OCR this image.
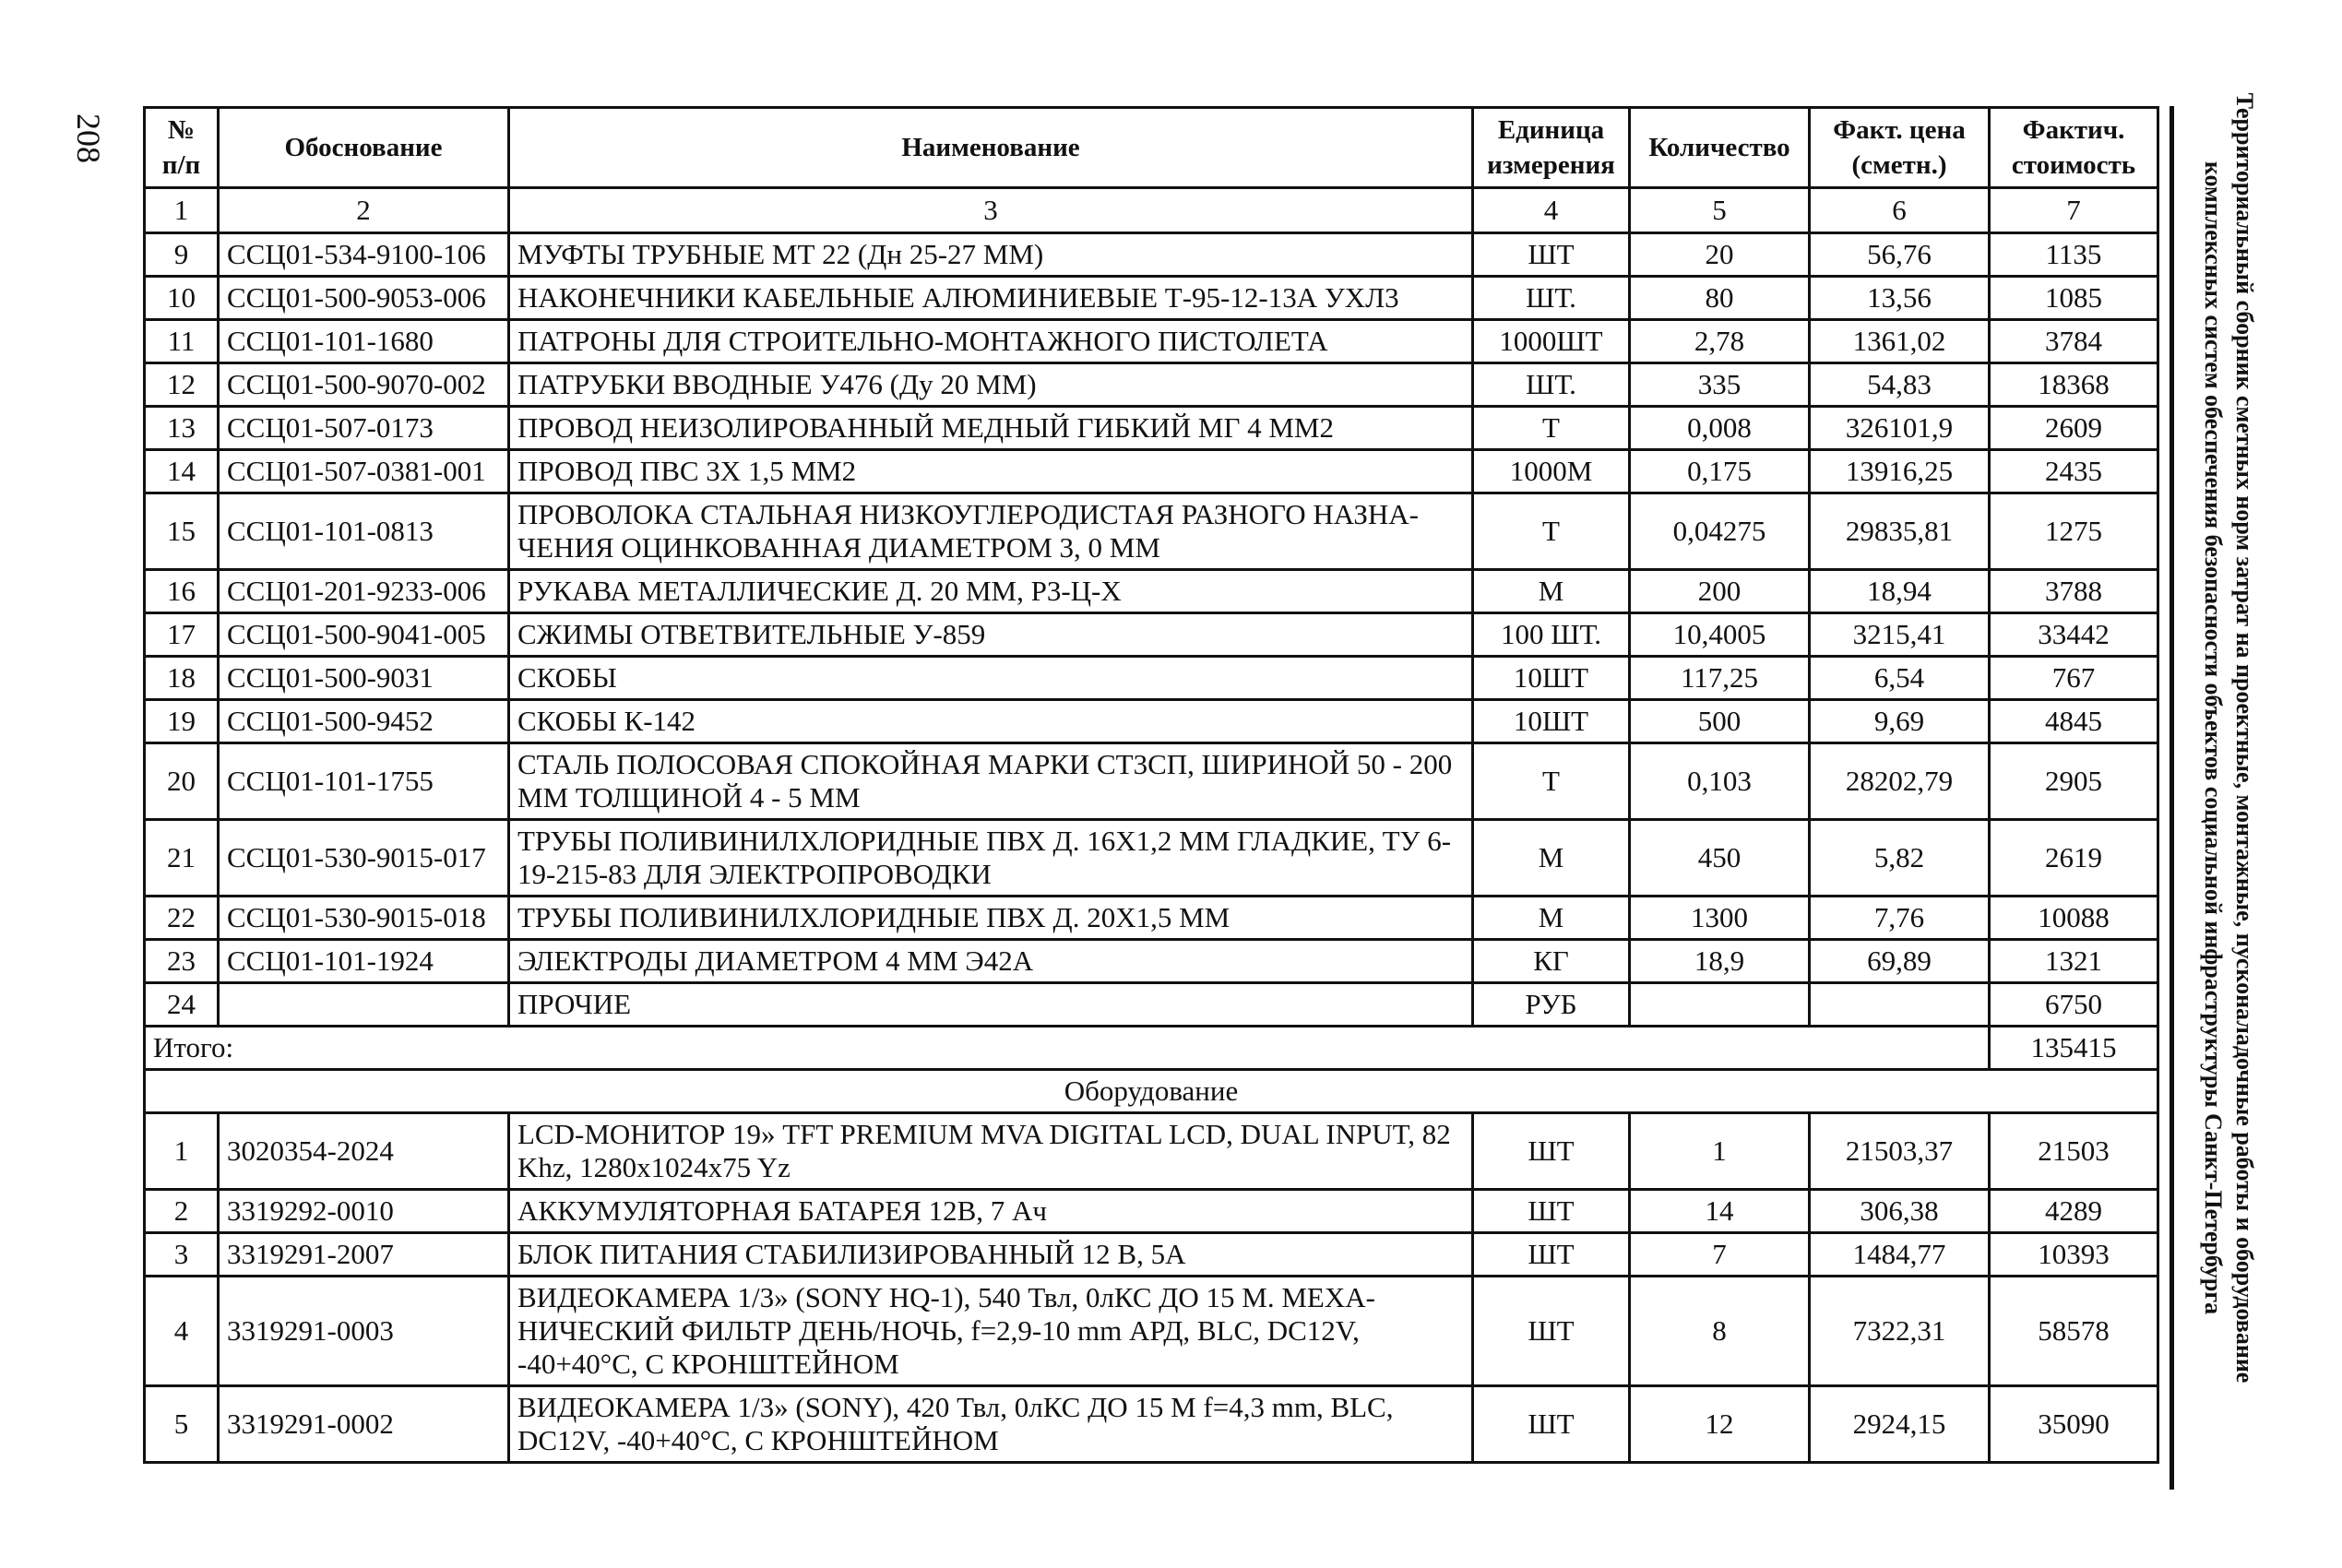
208	Территориальный сборник сметных норм затрат на проектные, монтажные, пусконаладочные работы и оборудование
комплексных систем обеспечения безопасности объектов социальной инфраструктуры Санкт-Петербурга
№ п/п	Обоснование	Наименование	Единица измерения	Количество	Факт. цена (сметн.)	Фактич. стоимость
1	2	3	4	5	6	7
9	ССЦ01-534-9100-106	МУФТЫ ТРУБНЫЕ МТ 22 (Дн 25-27 ММ)	ШТ	20	56,76	1135
10	ССЦ01-500-9053-006	НАКОНЕЧНИКИ КАБЕЛЬНЫЕ АЛЮМИНИЕВЫЕ Т-95-12-13А УХЛ3	ШТ.	80	13,56	1085
11	ССЦ01-101-1680	ПАТРОНЫ ДЛЯ СТРОИТЕЛЬНО-МОНТАЖНОГО ПИСТОЛЕТА	1000ШТ	2,78	1361,02	3784
12	ССЦ01-500-9070-002	ПАТРУБКИ ВВОДНЫЕ У476 (Ду 20 ММ)	ШТ.	335	54,83	18368
13	ССЦ01-507-0173	ПРОВОД НЕИЗОЛИРОВАННЫЙ МЕДНЫЙ ГИБКИЙ МГ 4 ММ2	Т	0,008	326101,9	2609
14	ССЦ01-507-0381-001	ПРОВОД ПВС 3Х 1,5 ММ2	1000М	0,175	13916,25	2435
15	ССЦ01-101-0813	ПРОВОЛОКА СТАЛЬНАЯ НИЗКОУГЛЕРОДИСТАЯ РАЗНОГО НАЗНА-ЧЕНИЯ ОЦИНКОВАННАЯ ДИАМЕТРОМ 3, 0 ММ	Т	0,04275	29835,81	1275
16	ССЦ01-201-9233-006	РУКАВА МЕТАЛЛИЧЕСКИЕ Д. 20 ММ, Р3-Ц-Х	М	200	18,94	3788
17	ССЦ01-500-9041-005	СЖИМЫ ОТВЕТВИТЕЛЬНЫЕ У-859	100 ШТ.	10,4005	3215,41	33442
18	ССЦ01-500-9031	СКОБЫ	10ШТ	117,25	6,54	767
19	ССЦ01-500-9452	СКОБЫ К-142	10ШТ	500	9,69	4845
20	ССЦ01-101-1755	СТАЛЬ ПОЛОСОВАЯ СПОКОЙНАЯ МАРКИ СТ3СП, ШИРИНОЙ 50 - 200 ММ ТОЛЩИНОЙ 4 - 5 ММ	Т	0,103	28202,79	2905
21	ССЦ01-530-9015-017	ТРУБЫ ПОЛИВИНИЛХЛОРИДНЫЕ ПВХ Д. 16Х1,2 ММ ГЛАДКИЕ, ТУ 6-19-215-83 ДЛЯ ЭЛЕКТРОПРОВОДКИ	М	450	5,82	2619
22	ССЦ01-530-9015-018	ТРУБЫ ПОЛИВИНИЛХЛОРИДНЫЕ ПВХ Д. 20Х1,5 ММ	М	1300	7,76	10088
23	ССЦ01-101-1924	ЭЛЕКТРОДЫ ДИАМЕТРОМ 4 ММ Э42А	КГ	18,9	69,89	1321
24		ПРОЧИЕ	РУБ			6750
Итого:						135415
Оборудование						
1	3020354-2024	LCD-МОНИТОР 19» TFT PREMIUM MVA DIGITAL LCD, DUAL INPUT, 82 Khz, 1280x1024x75 Yz	ШТ	1	21503,37	21503
2	3319292-0010	АККУМУЛЯТОРНАЯ БАТАРЕЯ 12В, 7 Ач	ШТ	14	306,38	4289
3	3319291-2007	БЛОК ПИТАНИЯ СТАБИЛИЗИРОВАННЫЙ 12 В, 5А	ШТ	7	1484,77	10393
4	3319291-0003	ВИДЕОКАМЕРА 1/3» (SONY HQ-1), 540 Твл, 0лКС ДО 15 М. МЕХА-НИЧЕСКИЙ ФИЛЬТР ДЕНЬ/НОЧЬ, f=2,9-10 mm АРД, BLC, DC12V, -40+40°С, С КРОНШТЕЙНОМ	ШТ	8	7322,31	58578
5	3319291-0002	ВИДЕОКАМЕРА 1/3» (SONY), 420 Твл, 0лКС ДО 15 М f=4,3 mm, BLC, DC12V, -40+40°С, С КРОНШТЕЙНОМ	ШТ	12	2924,15	35090
